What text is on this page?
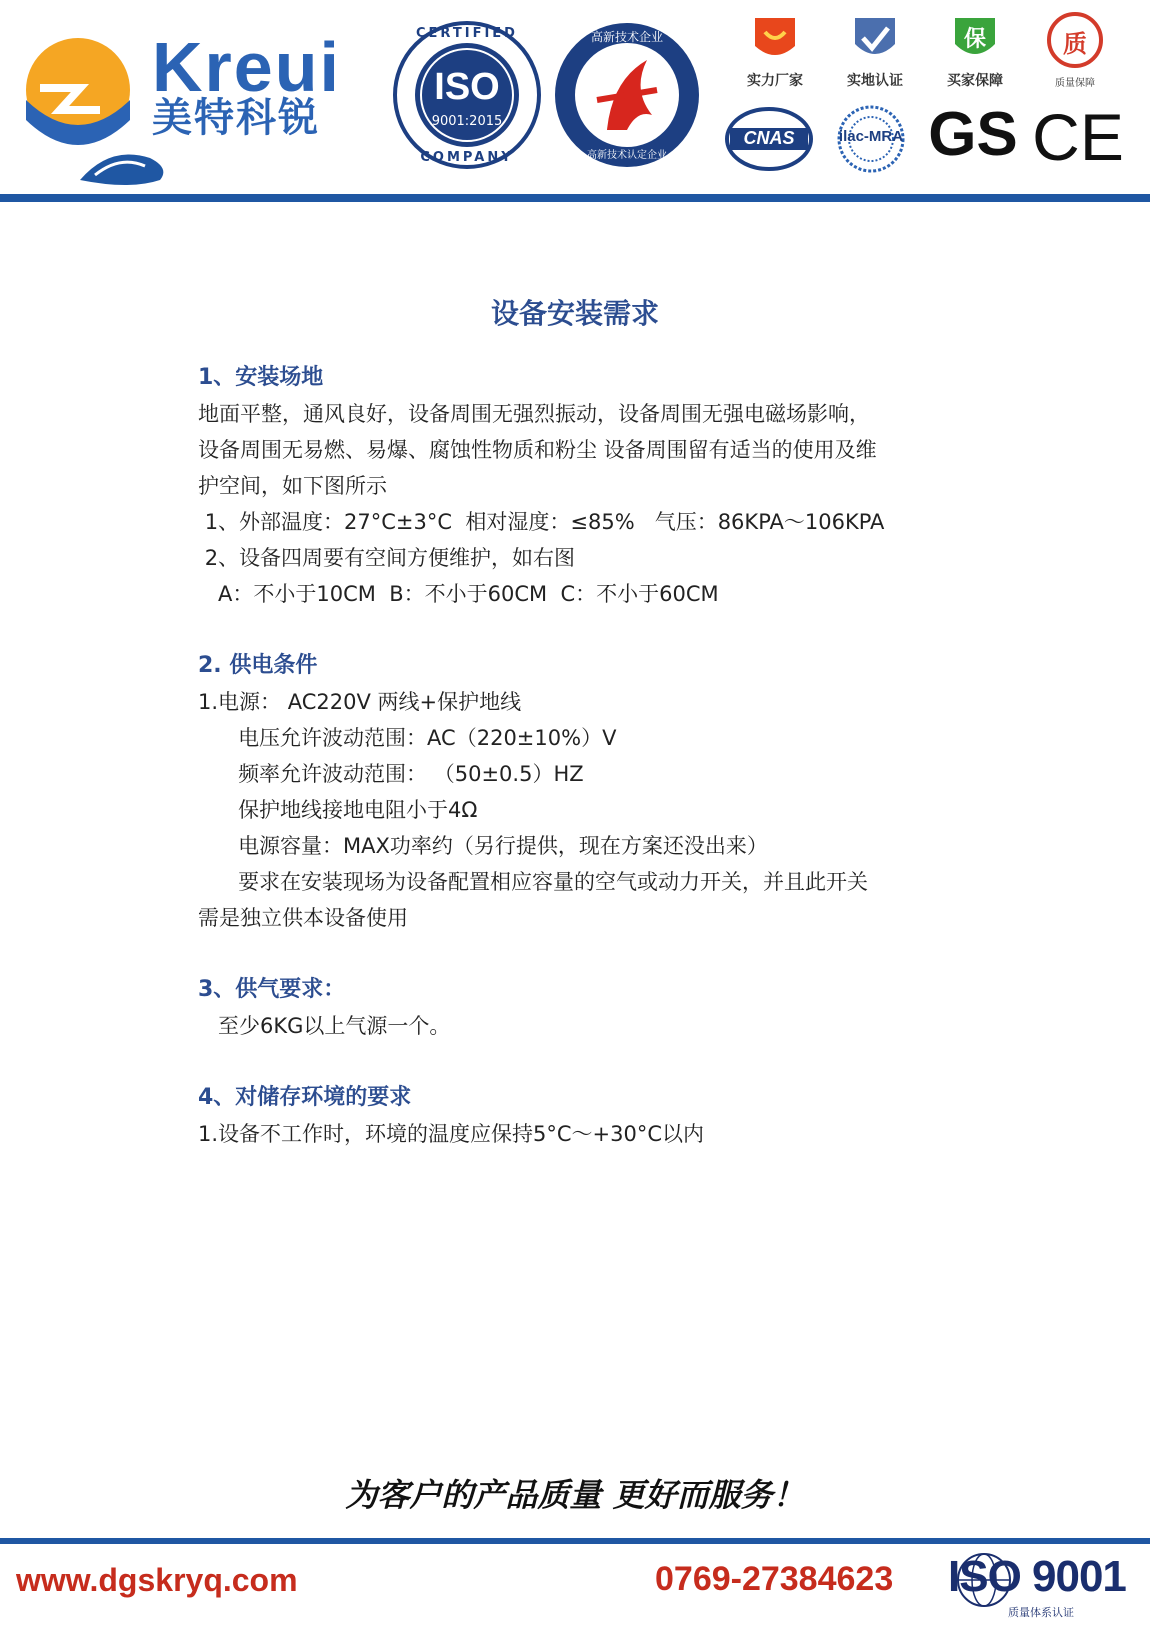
Kreui
美特科锐
CERTIFIED
ISO
9001:2015
COMPANY
高新技术企业
高新技术认定企业
实力厂家	实地认证
保
买家保障
质
质量保障
CNAS	ilac-MRA GS CE
设备安装需求
1、安装场地
地面平整，通风良好，设备周围无强烈振动，设备周围无强电磁场影响，
设备周围无易燃、易爆、腐蚀性物质和粉尘 设备周围留有适当的使用及维
护空间，如下图所示
1、外部温度：27°C±3°C  相对湿度：≤85%   气压：86KPA～106KPA
2、设备四周要有空间方便维护，如右图
A：不小于10CM  B：不小于60CM  C：不小于60CM
2. 供电条件
1.电源： AC220V 两线+保护地线
电压允许波动范围：AC（220±10%）V
频率允许波动范围： （50±0.5）HZ
保护地线接地电阻小于4Ω
电源容量：MAX功率约（另行提供，现在方案还没出来）
要求在安装现场为设备配置相应容量的空气或动力开关，并且此开关
需是独立供本设备使用
3、供气要求：
至少6KG以上气源一个。
4、对储存环境的要求
1.设备不工作时，环境的温度应保持5°C～+30°C以内
为客户的产品质量 更好而服务！
www.dgskryq.com	0769-27384623 ISO 9001
质量体系认证
